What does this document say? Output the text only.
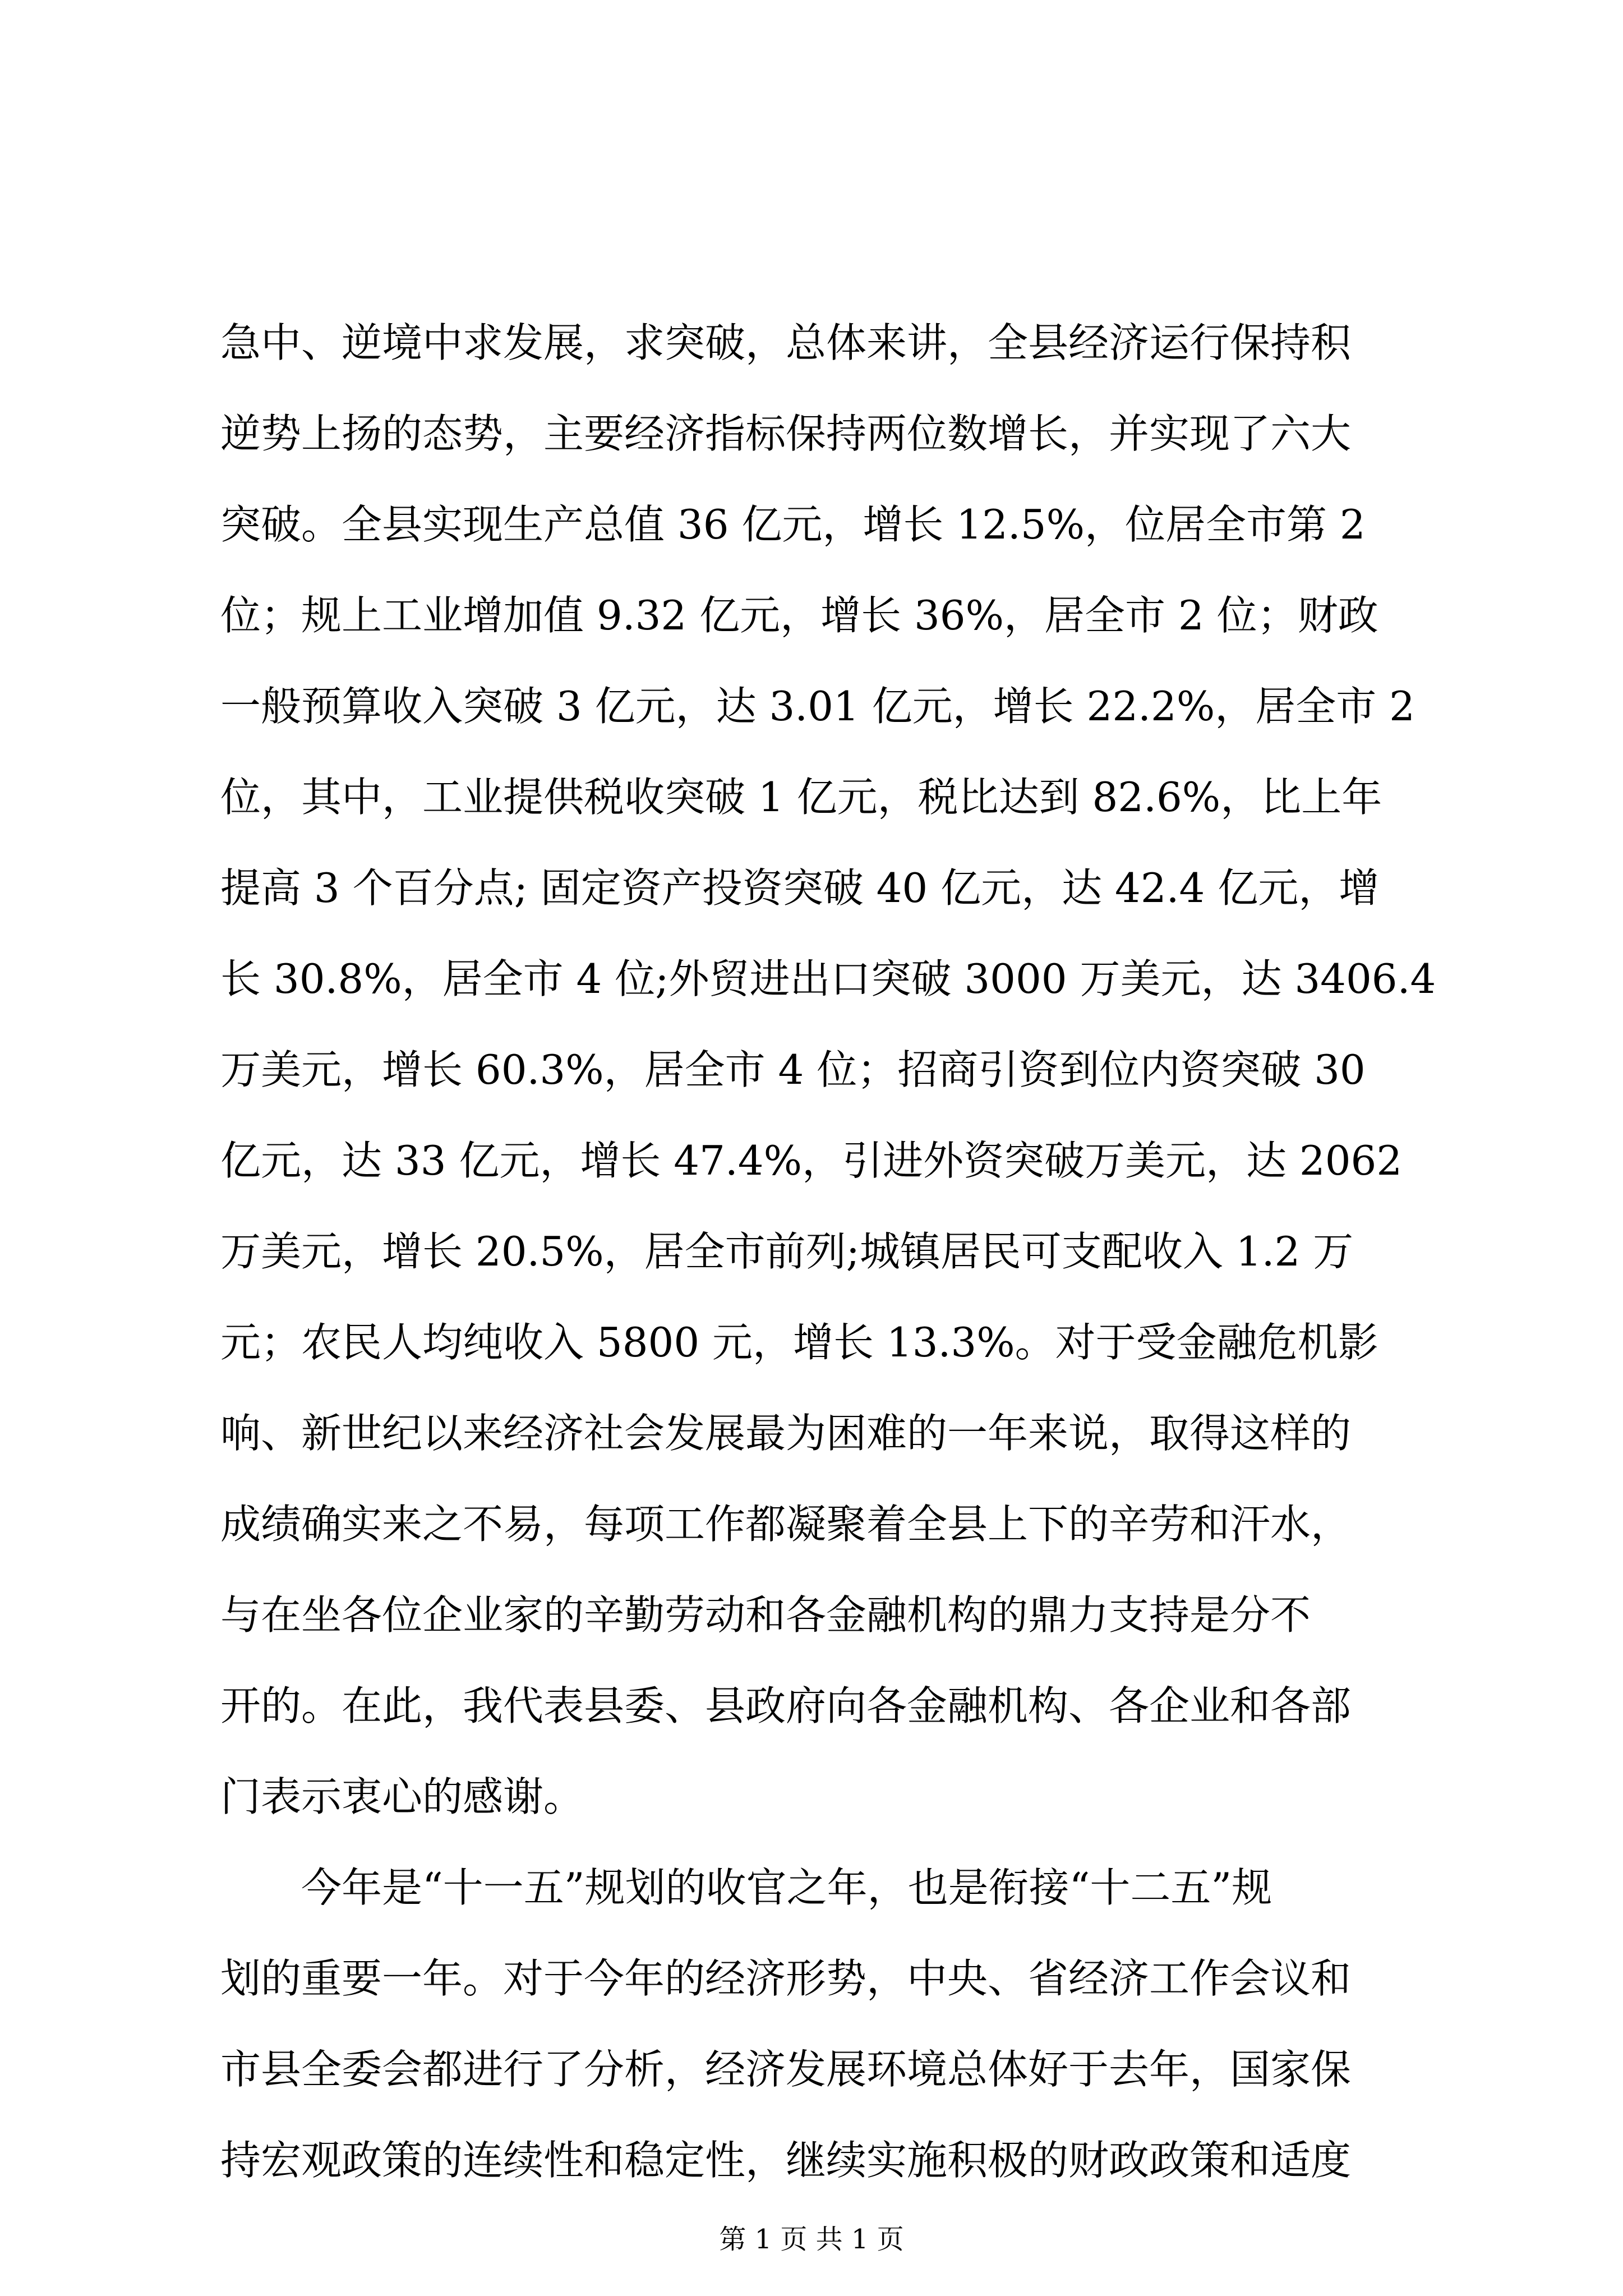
急中、逆境中求发展，求突破，总体来讲，全县经济运行保持积
逆势上扬的态势，主要经济指标保持两位数增长，并实现了六大
突破。全县实现生产总值 36 亿元，增长 12.5%，位居全市第 2
位；规上工业增加值 9.32 亿元，增长 36%，居全市 2 位；财政
一般预算收入突破 3 亿元，达 3.01 亿元，增长 22.2%，居全市 2
位，其中，工业提供税收突破 1 亿元，税比达到 82.6%，比上年
提高 3 个百分点; 固定资产投资突破 40 亿元，达 42.4 亿元，增
长 30.8%，居全市 4 位;外贸进出口突破 3000 万美元，达 3406.4
万美元，增长 60.3%，居全市 4 位；招商引资到位内资突破 30
亿元，达 33 亿元，增长 47.4%，引进外资突破万美元，达 2062
万美元，增长 20.5%，居全市前列;城镇居民可支配收入 1.2 万
元；农民人均纯收入 5800 元，增长 13.3%。对于受金融危机影
响、新世纪以来经济社会发展最为困难的一年来说，取得这样的
成绩确实来之不易，每项工作都凝聚着全县上下的辛劳和汗水，
与在坐各位企业家的辛勤劳动和各金融机构的鼎力支持是分不
开的。在此，我代表县委、县政府向各金融机构、各企业和各部
门表示衷心的感谢。
今年是“十一五”规划的收官之年，也是衔接“十二五”规
划的重要一年。对于今年的经济形势，中央、省经济工作会议和
市县全委会都进行了分析，经济发展环境总体好于去年，国家保
持宏观政策的连续性和稳定性，继续实施积极的财政政策和适度
第 1 页 共 1 页
